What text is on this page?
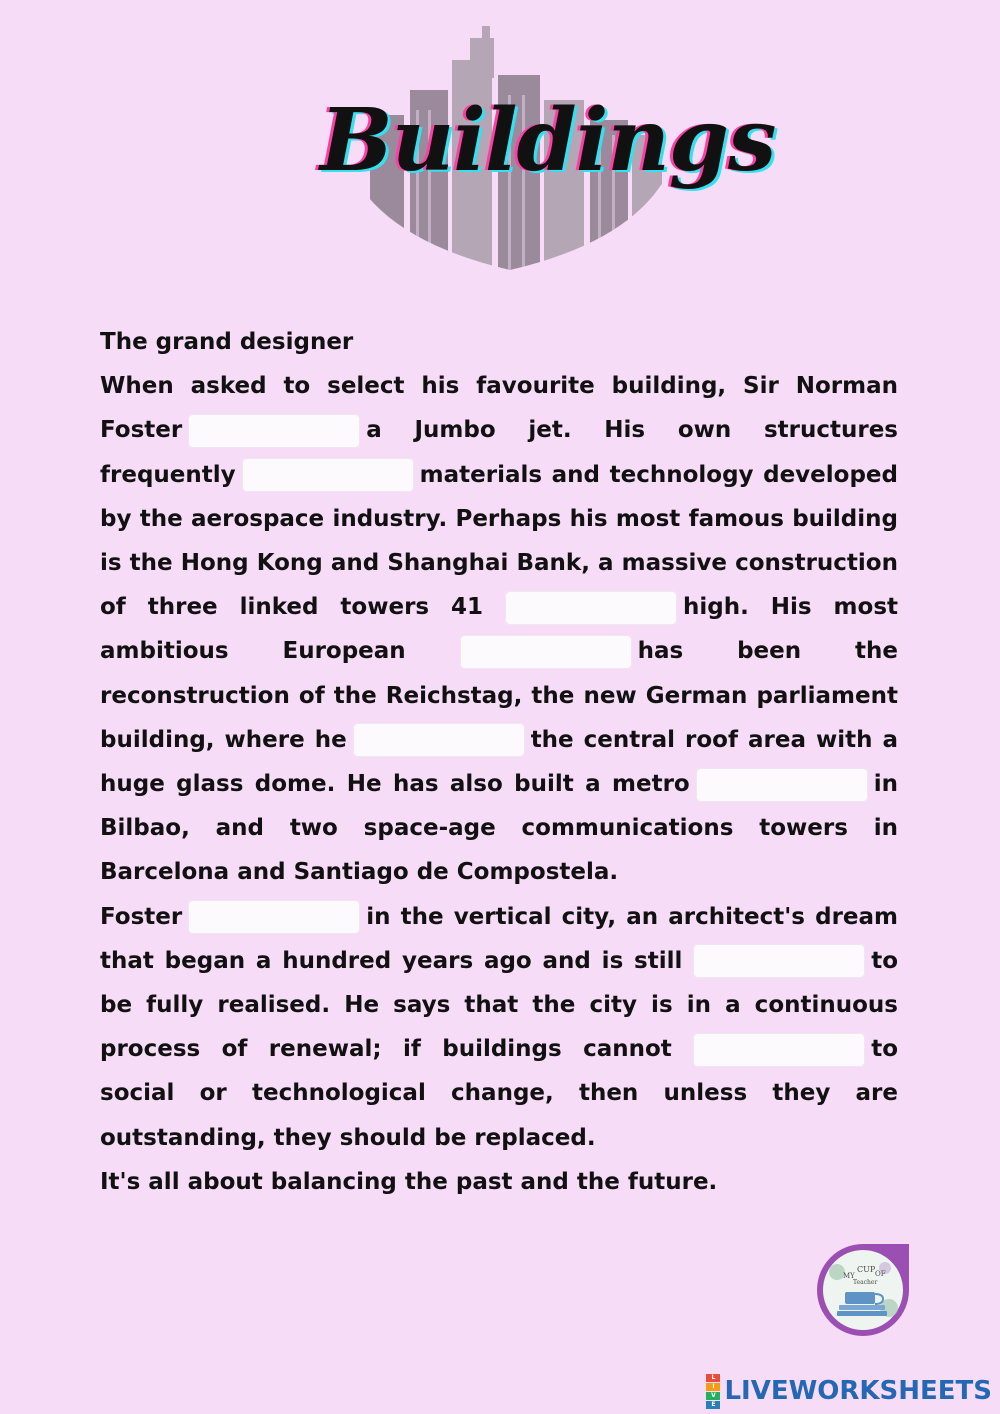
Buildings

The grand designer

When asked to select his favourite building, Sir Norman Foster	a Jumbo jet. His own structures frequently	materials and technology developed by the aerospace industry. Perhaps his most famous building is the Hong Kong and Shanghai Bank, a massive construction of three linked towers 41	high. His most ambitious European	has been the reconstruction of the Reichstag, the new German parliament building, where he	the central roof area with a huge glass dome. He has also built a metro	in Bilbao, and two space-age communications towers in Barcelona and Santiago de Compostela.

Foster	in the vertical city, an architect's dream that began a hundred years ago and is still	to be fully realised. He says that the city is in a continuous process of renewal; if buildings cannot	to social or technological change, then unless they are outstanding, they should be replaced.

It's all about balancing the past and the future.

MY
CUP OF
Teacher
L
I
V
E LIVEWORKSHEETS
